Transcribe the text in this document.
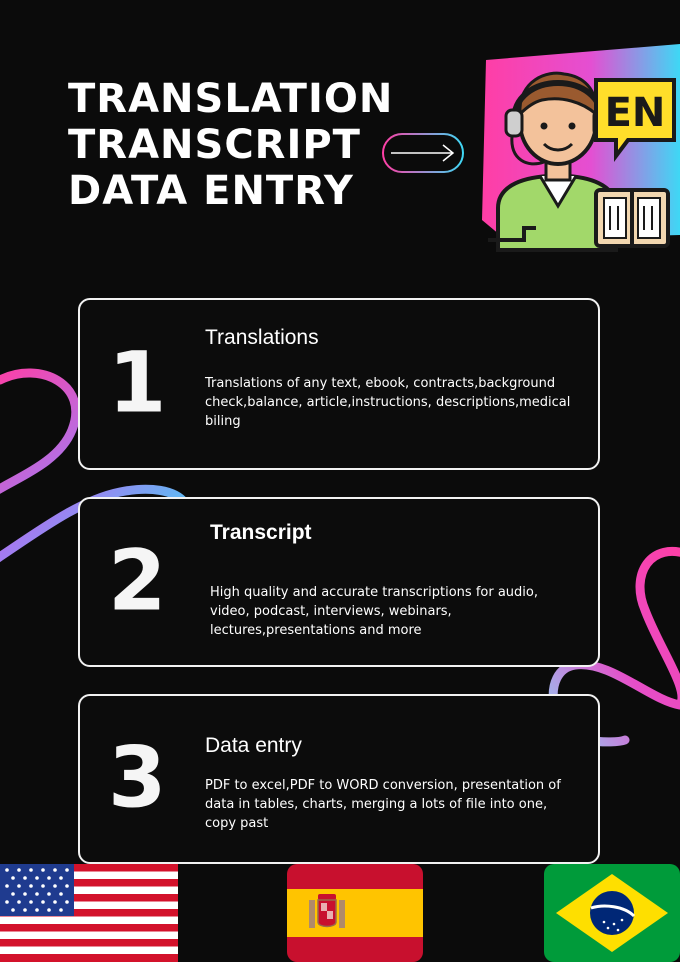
TRANSLATION
TRANSCRIPT
DATA ENTRY
EN
1 Translations

Translations of any text, ebook, contracts,background check,balance, article,instructions, descriptions,medical biling

2 Transcript

High quality and accurate transcriptions for audio, video, podcast, interviews, webinars, lectures,presentations and more

3 Data entry

PDF to excel,PDF to WORD conversion, presentation of data in tables, charts, merging a lots of file into one, copy past
